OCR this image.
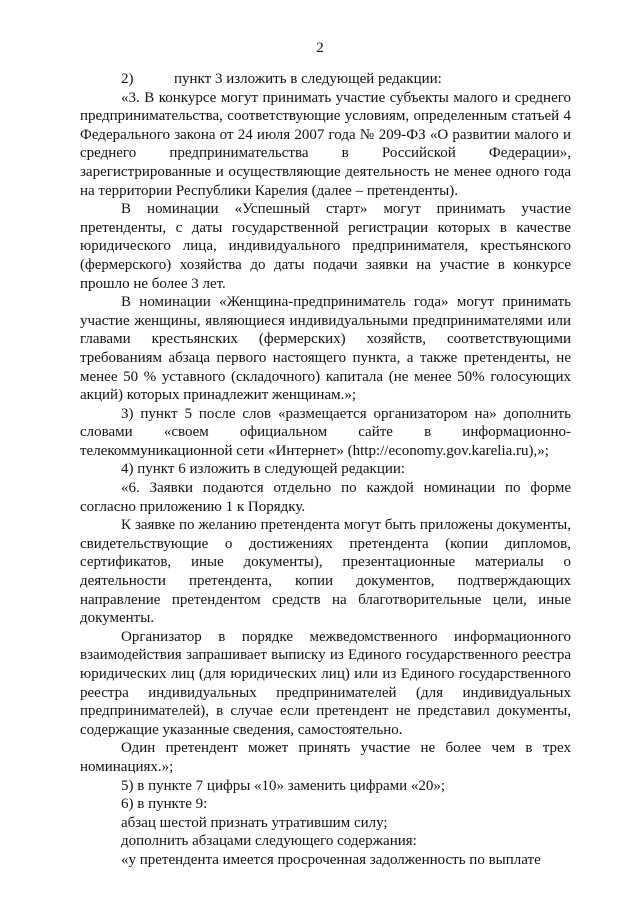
2

2)	пункт 3 изложить в следующей редакции:

«3. В конкурсе могут принимать участие субъекты малого и среднего предпринимательства, соответствующие условиям, определенным статьей 4 Федерального закона от 24 июля 2007 года № 209-ФЗ «О развитии малого и среднего предпринимательства в Российской Федерации», зарегистрированные и осуществляющие деятельность не менее одного года на территории Республики Карелия (далее – претенденты).

В номинации «Успешный старт» могут принимать участие претенденты, с даты государственной регистрации которых в качестве юридического лица, индивидуального предпринимателя, крестьянского (фермерского) хозяйства до даты подачи заявки на участие в конкурсе прошло не более 3 лет.

В номинации «Женщина-предприниматель года» могут принимать участие женщины, являющиеся индивидуальными предпринимателями или главами крестьянских (фермерских) хозяйств, соответствующими требованиям абзаца первого настоящего пункта, а также претенденты, не менее 50 % уставного (складочного) капитала (не менее 50% голосующих акций) которых принадлежит женщинам.»;

3) пункт 5 после слов «размещается организатором на» дополнить словами «своем официальном сайте в информационно-телекоммуникационной сети «Интернет» (http://economy.gov.karelia.ru),»;

4) пункт 6 изложить в следующей редакции:

«6. Заявки подаются отдельно по каждой номинации по форме согласно приложению 1 к Порядку.

К заявке по желанию претендента могут быть приложены документы, свидетельствующие о достижениях претендента (копии дипломов, сертификатов, иные документы), презентационные материалы о деятельности претендента, копии документов, подтверждающих направление претендентом средств на благотворительные цели, иные документы.

Организатор в порядке межведомственного информационного взаимодействия запрашивает выписку из Единого государственного реестра юридических лиц (для юридических лиц) или из Единого государственного реестра индивидуальных предпринимателей (для индивидуальных предпринимателей), в случае если претендент не представил документы, содержащие указанные сведения, самостоятельно.

Один претендент может принять участие не более чем в трех номинациях.»;

5) в пункте 7 цифры «10» заменить цифрами «20»;

6) в пункте 9:

абзац шестой признать утратившим силу;

дополнить абзацами следующего содержания:

«у претендента имеется просроченная задолженность по выплате
